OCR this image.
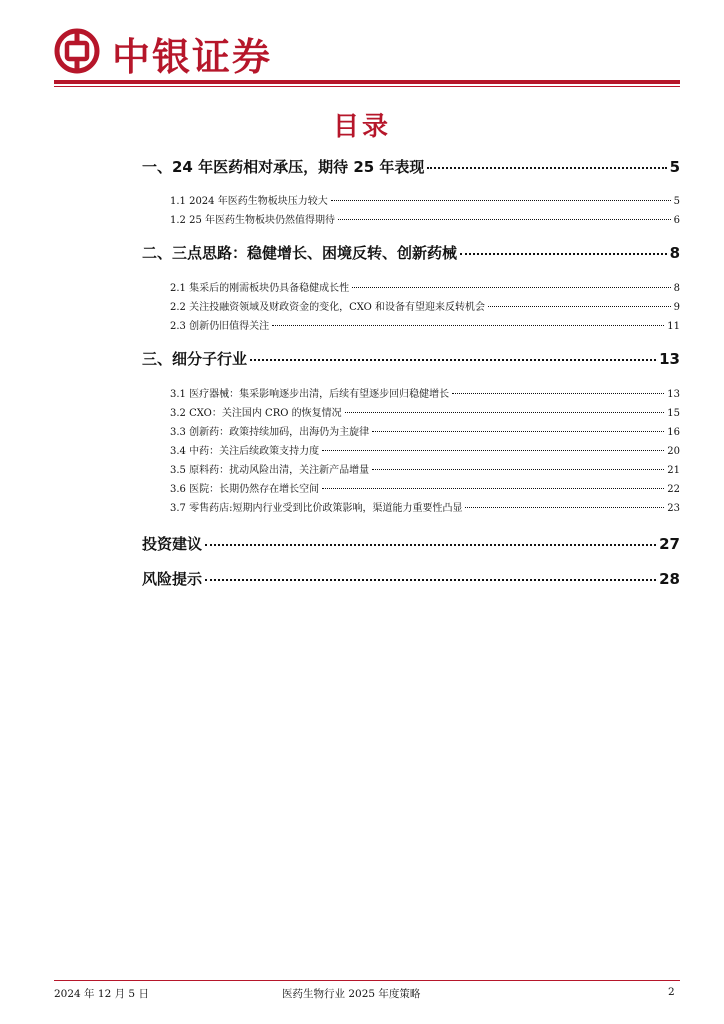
中银证券
目录
一、24 年医药相对承压，期待 25 年表现	5
1.1 2024 年医药生物板块压力较大	5
1.2 25 年医药生物板块仍然值得期待	6
二、三点思路：稳健增长、困境反转、创新药械	8
2.1 集采后的刚需板块仍具备稳健成长性	8
2.2 关注投融资领域及财政资金的变化，CXO 和设备有望迎来反转机会	9
2.3 创新仍旧值得关注	11
三、细分子行业	13
3.1 医疗器械：集采影响逐步出清，后续有望逐步回归稳健增长	13
3.2 CXO：关注国内 CRO 的恢复情况	15
3.3 创新药：政策持续加码，出海仍为主旋律	16
3.4 中药：关注后续政策支持力度	20
3.5 原料药：扰动风险出清，关注新产品增量	21
3.6 医院：长期仍然存在增长空间	22
3.7 零售药店:短期内行业受到比价政策影响，渠道能力重要性凸显	23
投资建议	27
风险提示	28
2024 年 12 月 5 日	医药生物行业 2025 年度策略	2
